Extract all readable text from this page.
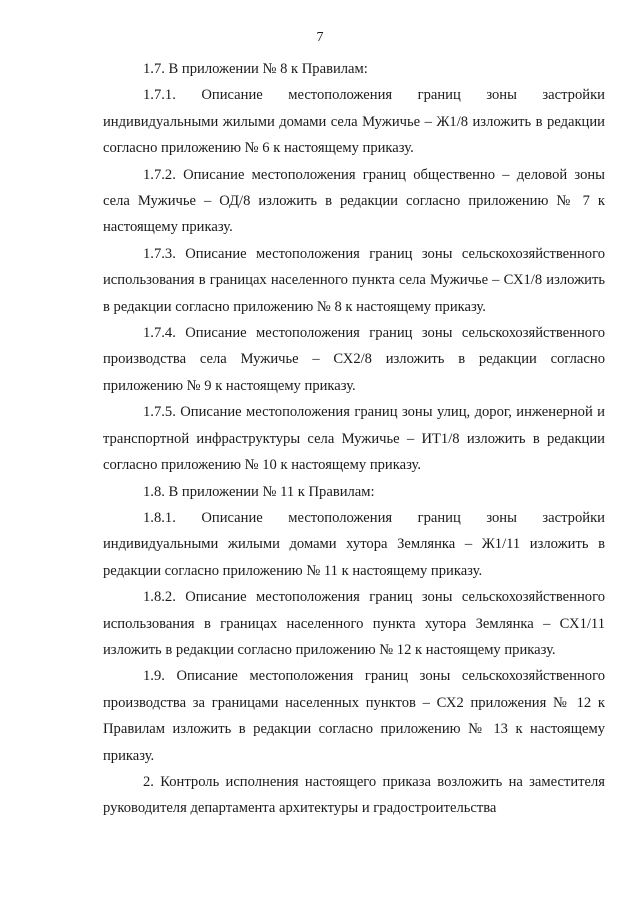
7

1.7. В приложении № 8 к Правилам:

1.7.1. Описание местоположения границ зоны застройки индивидуальными жилыми домами села Мужичье – Ж1/8 изложить в редакции согласно приложению № 6 к настоящему приказу.

1.7.2. Описание местоположения границ общественно – деловой зоны села Мужичье – ОД/8 изложить в редакции согласно приложению № 7 к настоящему приказу.

1.7.3. Описание местоположения границ зоны сельскохозяйственного использования в границах населенного пункта села Мужичье – СХ1/8 изложить в редакции согласно приложению № 8 к настоящему приказу.

1.7.4. Описание местоположения границ зоны сельскохозяйственного производства села Мужичье – СХ2/8 изложить в редакции согласно приложению № 9 к настоящему приказу.

1.7.5. Описание местоположения границ зоны улиц, дорог, инженерной и транспортной инфраструктуры села Мужичье – ИТ1/8 изложить в редакции согласно приложению № 10 к настоящему приказу.

1.8. В приложении № 11 к Правилам:

1.8.1. Описание местоположения границ зоны застройки индивидуальными жилыми домами хутора Землянка – Ж1/11 изложить в редакции согласно приложению № 11 к настоящему приказу.

1.8.2. Описание местоположения границ зоны сельскохозяйственного использования в границах населенного пункта хутора Землянка – СХ1/11 изложить в редакции согласно приложению № 12 к настоящему приказу.

1.9. Описание местоположения границ зоны сельскохозяйственного производства за границами населенных пунктов – СХ2 приложения № 12 к Правилам изложить в редакции согласно приложению № 13 к настоящему приказу.

2. Контроль исполнения настоящего приказа возложить на заместителя руководителя департамента архитектуры и градостроительства
